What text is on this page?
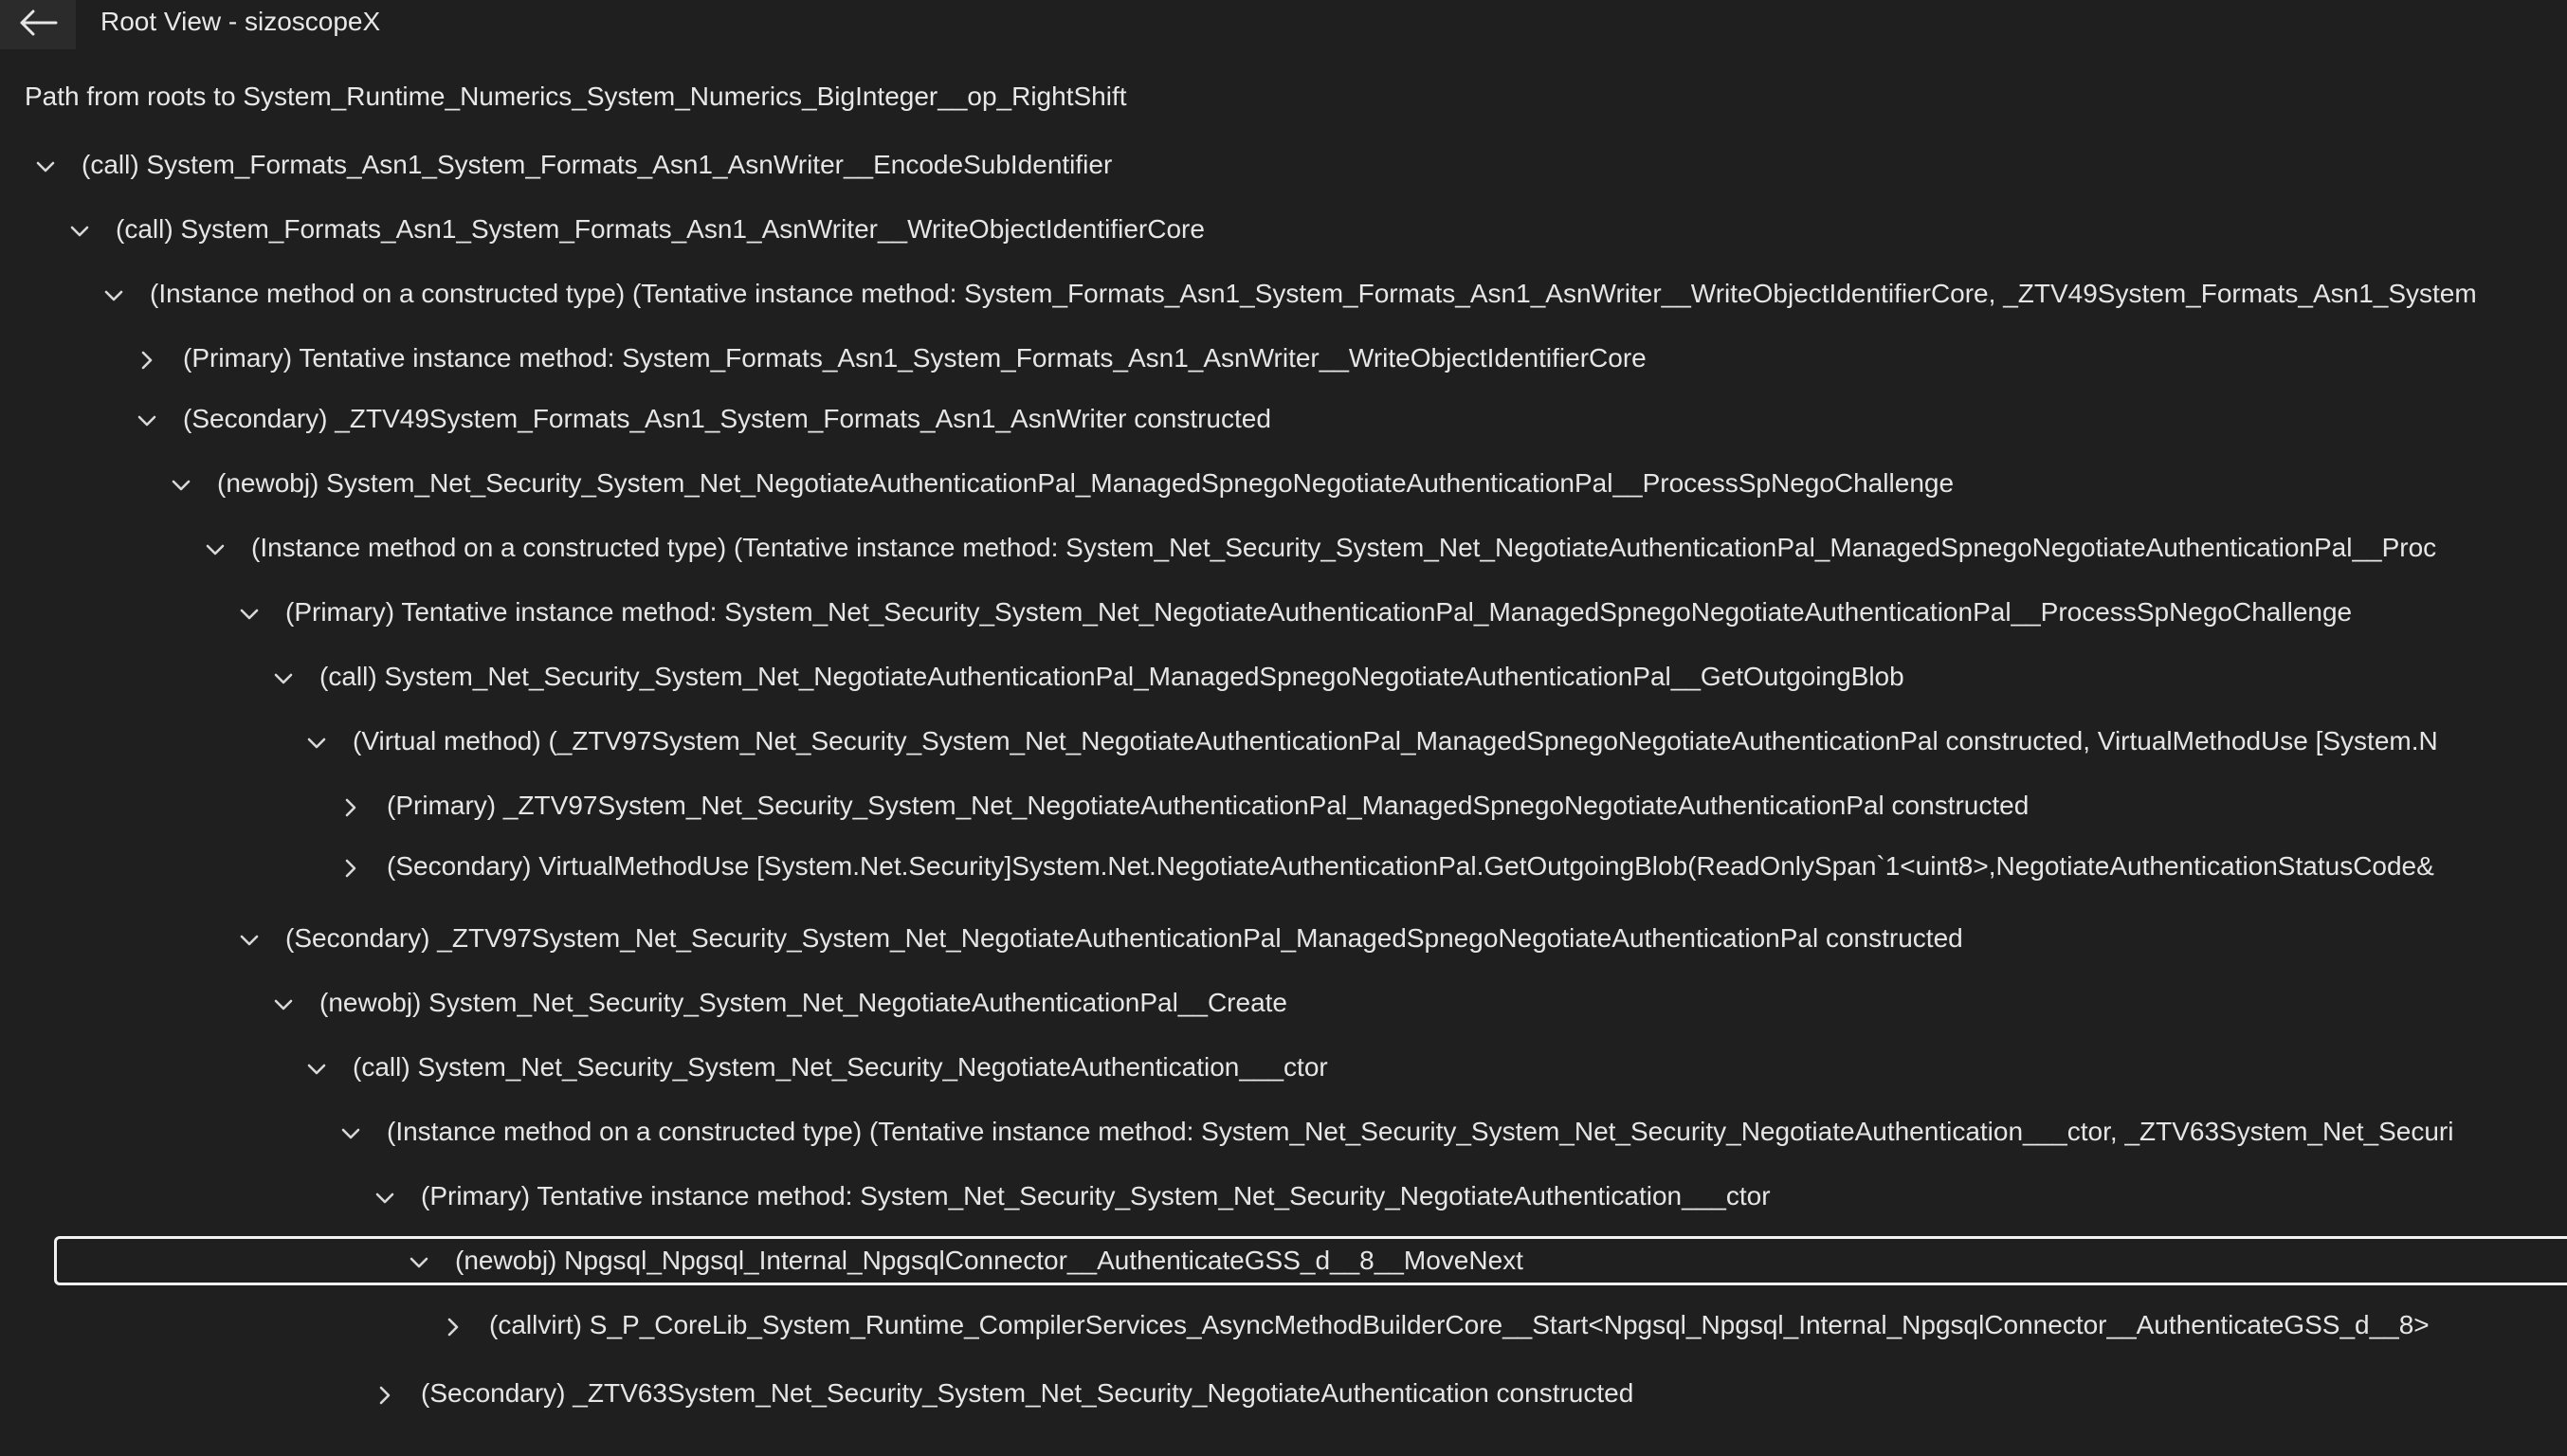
Root View - sizoscopeX
Path from roots to System_Runtime_Numerics_System_Numerics_BigInteger__op_RightShift
(call) System_Formats_Asn1_System_Formats_Asn1_AsnWriter__EncodeSubIdentifier
(call) System_Formats_Asn1_System_Formats_Asn1_AsnWriter__WriteObjectIdentifierCore
(Instance method on a constructed type) (Tentative instance method: System_Formats_Asn1_System_Formats_Asn1_AsnWriter__WriteObjectIdentifierCore, _ZTV49System_Formats_Asn1_System
(Primary) Tentative instance method: System_Formats_Asn1_System_Formats_Asn1_AsnWriter__WriteObjectIdentifierCore
(Secondary) _ZTV49System_Formats_Asn1_System_Formats_Asn1_AsnWriter constructed
(newobj) System_Net_Security_System_Net_NegotiateAuthenticationPal_ManagedSpnegoNegotiateAuthenticationPal__ProcessSpNegoChallenge
(Instance method on a constructed type) (Tentative instance method: System_Net_Security_System_Net_NegotiateAuthenticationPal_ManagedSpnegoNegotiateAuthenticationPal__Proc
(Primary) Tentative instance method: System_Net_Security_System_Net_NegotiateAuthenticationPal_ManagedSpnegoNegotiateAuthenticationPal__ProcessSpNegoChallenge
(call) System_Net_Security_System_Net_NegotiateAuthenticationPal_ManagedSpnegoNegotiateAuthenticationPal__GetOutgoingBlob
(Virtual method) (_ZTV97System_Net_Security_System_Net_NegotiateAuthenticationPal_ManagedSpnegoNegotiateAuthenticationPal constructed, VirtualMethodUse [System.N
(Primary) _ZTV97System_Net_Security_System_Net_NegotiateAuthenticationPal_ManagedSpnegoNegotiateAuthenticationPal constructed
(Secondary) VirtualMethodUse [System.Net.Security]System.Net.NegotiateAuthenticationPal.GetOutgoingBlob(ReadOnlySpan`1<uint8>,NegotiateAuthenticationStatusCode&
(Secondary) _ZTV97System_Net_Security_System_Net_NegotiateAuthenticationPal_ManagedSpnegoNegotiateAuthenticationPal constructed
(newobj) System_Net_Security_System_Net_NegotiateAuthenticationPal__Create
(call) System_Net_Security_System_Net_Security_NegotiateAuthentication___ctor
(Instance method on a constructed type) (Tentative instance method: System_Net_Security_System_Net_Security_NegotiateAuthentication___ctor, _ZTV63System_Net_Securi
(Primary) Tentative instance method: System_Net_Security_System_Net_Security_NegotiateAuthentication___ctor
(newobj) Npgsql_Npgsql_Internal_NpgsqlConnector__AuthenticateGSS_d__8__MoveNext
(callvirt) S_P_CoreLib_System_Runtime_CompilerServices_AsyncMethodBuilderCore__Start<Npgsql_Npgsql_Internal_NpgsqlConnector__AuthenticateGSS_d__8>
(Secondary) _ZTV63System_Net_Security_System_Net_Security_NegotiateAuthentication constructed
